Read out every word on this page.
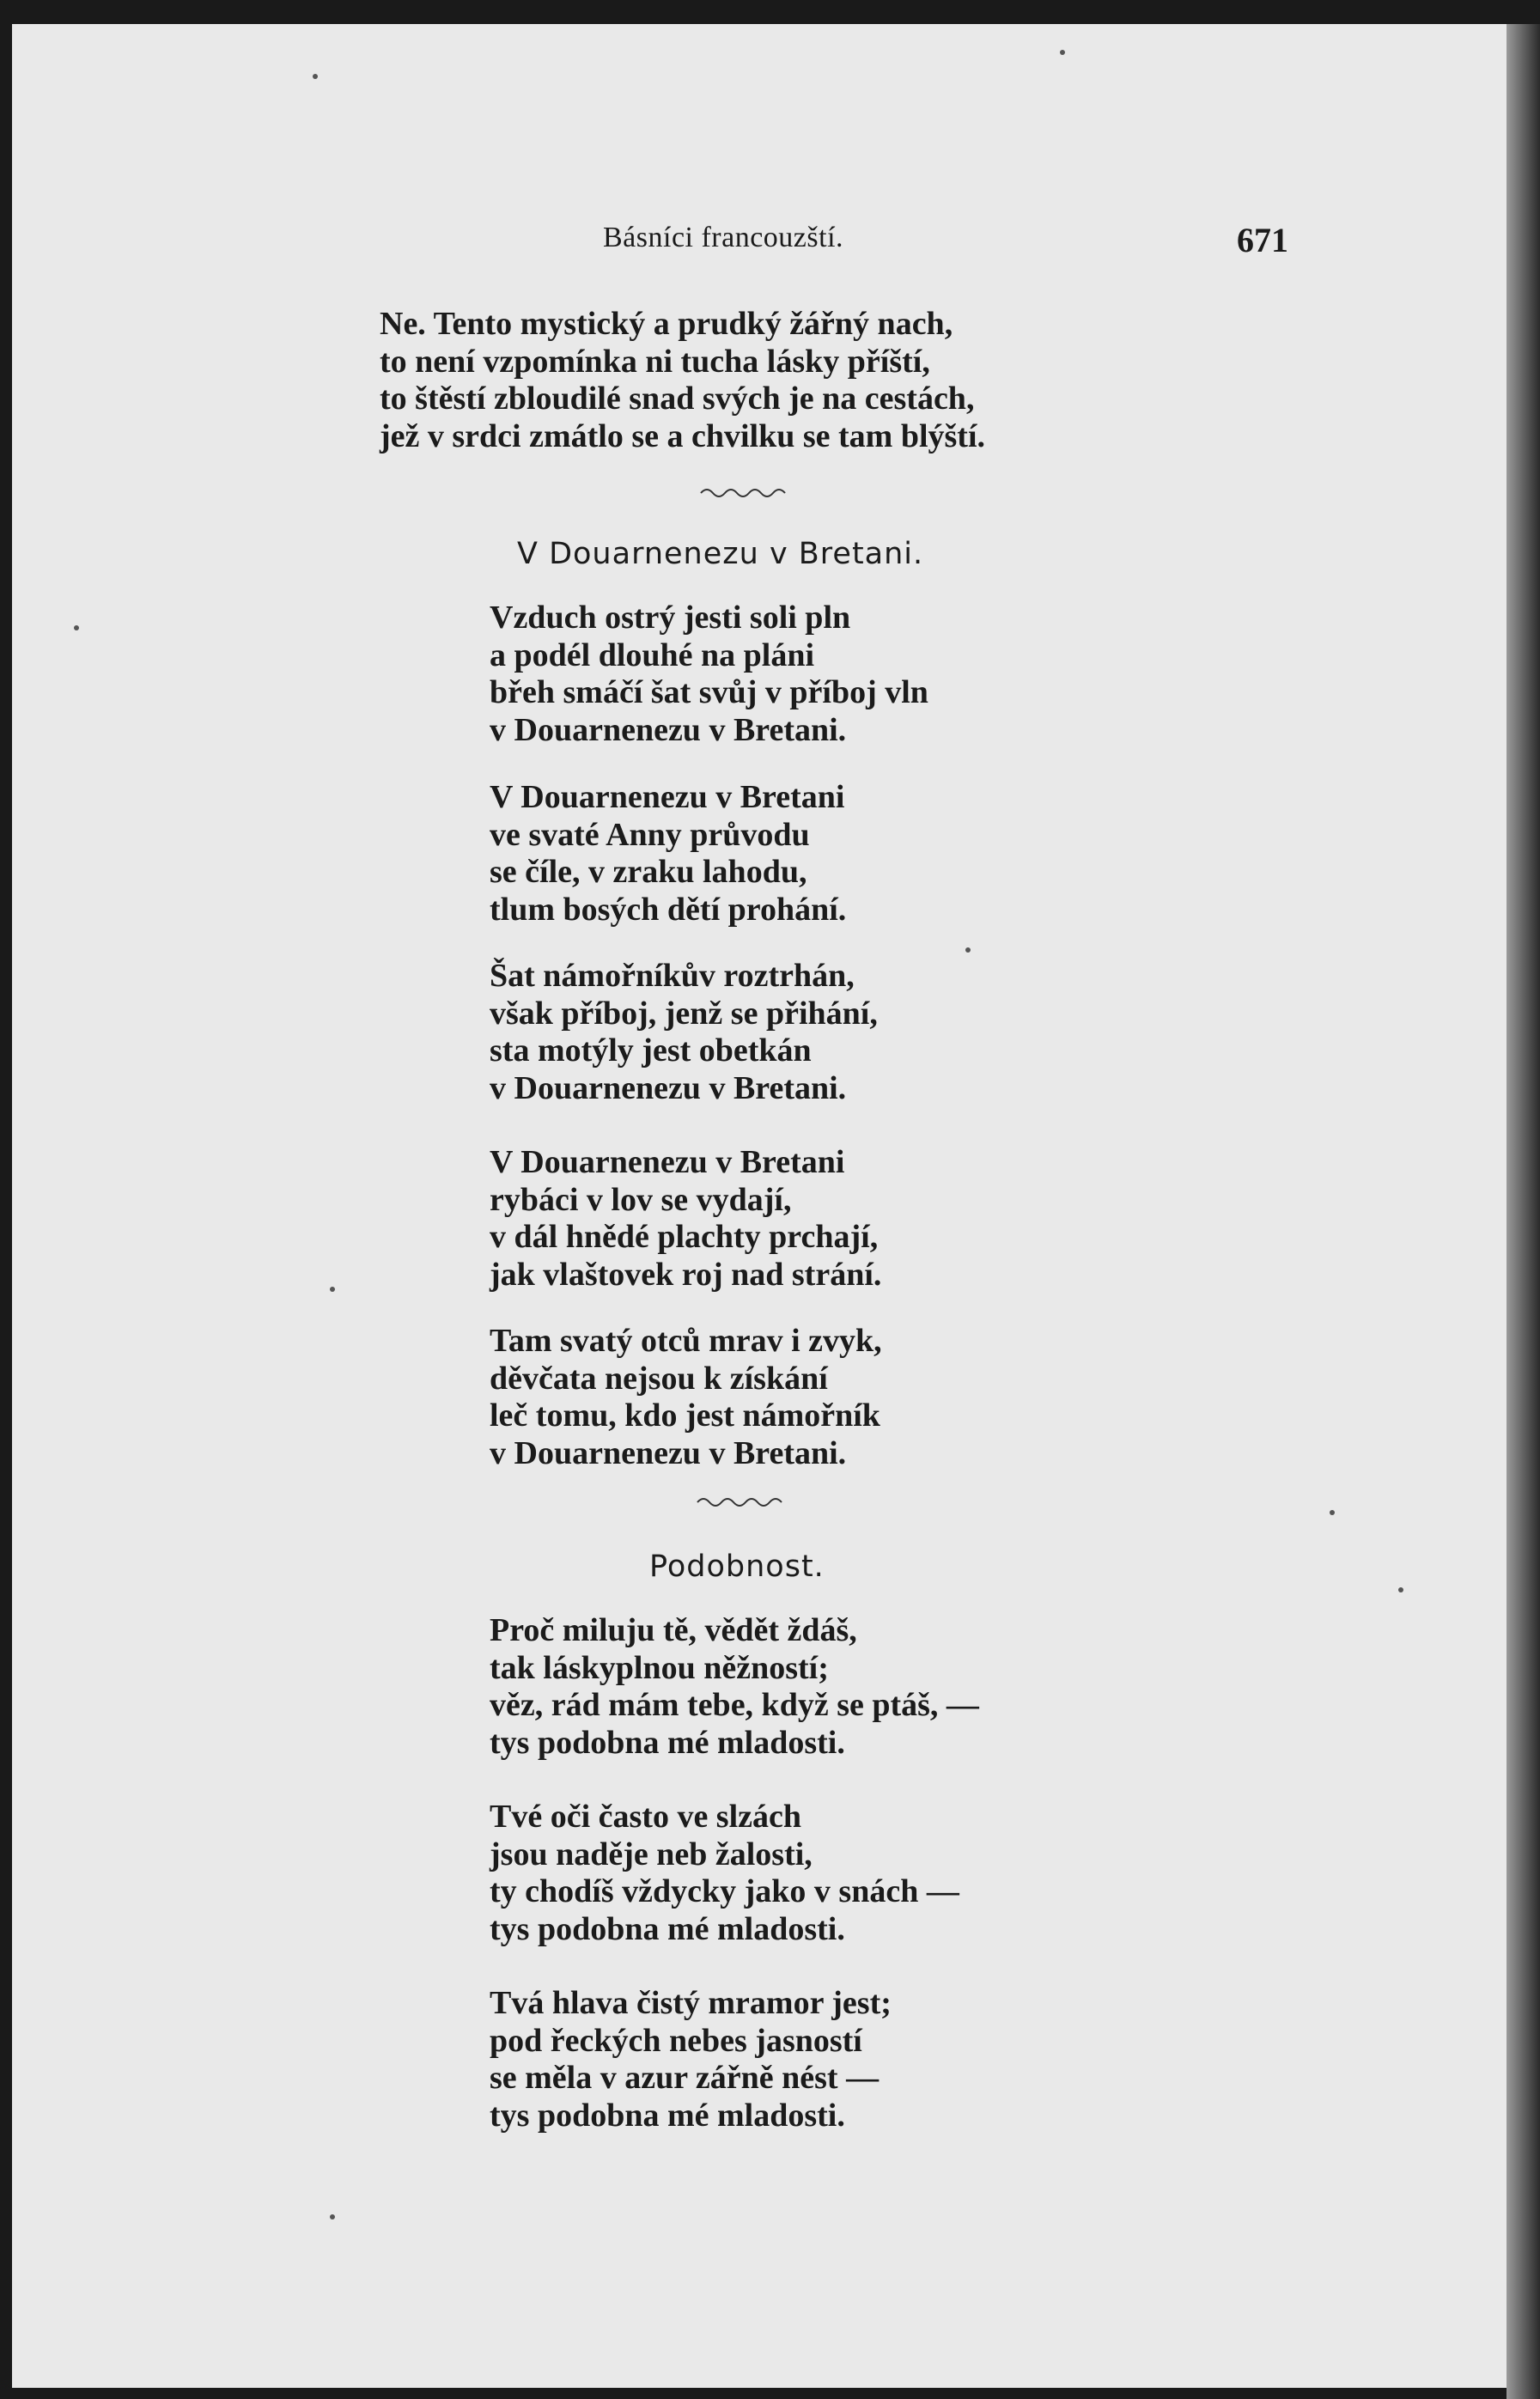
Básníci francouzští.	671
Ne. Tento mystický a prudký žářný nach,
to není vzpomínka ni tucha lásky příští,
to štěstí zbloudilé snad svých je na cestách,
jež v srdci zmátlo se a chvilku se tam blýští.
V Douarnenezu v Bretani.
Vzduch ostrý jesti soli pln
a podél dlouhé na pláni
břeh smáčí šat svůj v příboj vln
v Douarnenezu v Bretani.
V Douarnenezu v Bretani
ve svaté Anny průvodu
se číle, v zraku lahodu,
tlum bosých dětí prohání.
Šat námořníkův roztrhán,
však příboj, jenž se přihání,
sta motýly jest obetkán
v Douarnenezu v Bretani.
V Douarnenezu v Bretani
rybáci v lov se vydají,
v dál hnědé plachty prchají,
jak vlaštovek roj nad strání.
Tam svatý otců mrav i zvyk,
děvčata nejsou k získání
leč tomu, kdo jest námořník
v Douarnenezu v Bretani.
Podobnost.
Proč miluju tě, vědět ždáš,
tak láskyplnou něžností;
věz, rád mám tebe, když se ptáš, —
tys podobna mé mladosti.
Tvé oči často ve slzách
jsou naděje neb žalosti,
ty chodíš vždycky jako v snách —
tys podobna mé mladosti.
Tvá hlava čistý mramor jest;
pod řeckých nebes jasností
se měla v azur zářně nést —
tys podobna mé mladosti.
